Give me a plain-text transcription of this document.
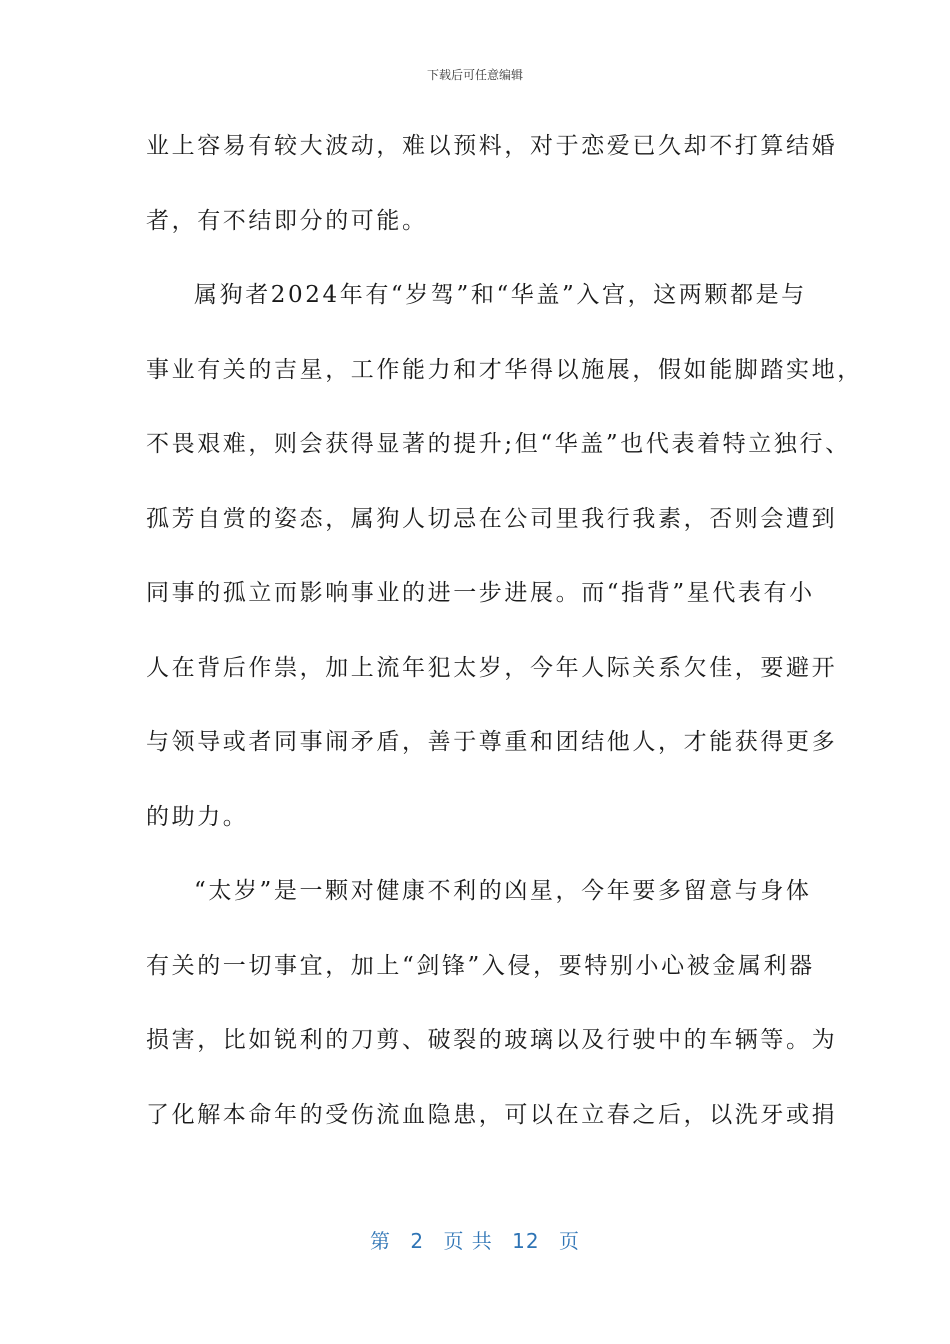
下载后可任意编辑
业上容易有较大波动，难以预料，对于恋爱已久却不打算结婚
者，有不结即分的可能。
属狗者2024年有“岁驾”和“华盖”入宫，这两颗都是与
事业有关的吉星，工作能力和才华得以施展，假如能脚踏实地，
不畏艰难，则会获得显著的提升;但“华盖”也代表着特立独行、
孤芳自赏的姿态，属狗人切忌在公司里我行我素，否则会遭到
同事的孤立而影响事业的进一步进展。而“指背”星代表有小
人在背后作祟，加上流年犯太岁，今年人际关系欠佳，要避开
与领导或者同事闹矛盾，善于尊重和团结他人，才能获得更多
的助力。
“太岁”是一颗对健康不利的凶星，今年要多留意与身体
有关的一切事宜，加上“剑锋”入侵，要特别小心被金属利器
损害，比如锐利的刀剪、破裂的玻璃以及行驶中的车辆等。为
了化解本命年的受伤流血隐患，可以在立春之后，以洗牙或捐
第 2 页 共 12 页
